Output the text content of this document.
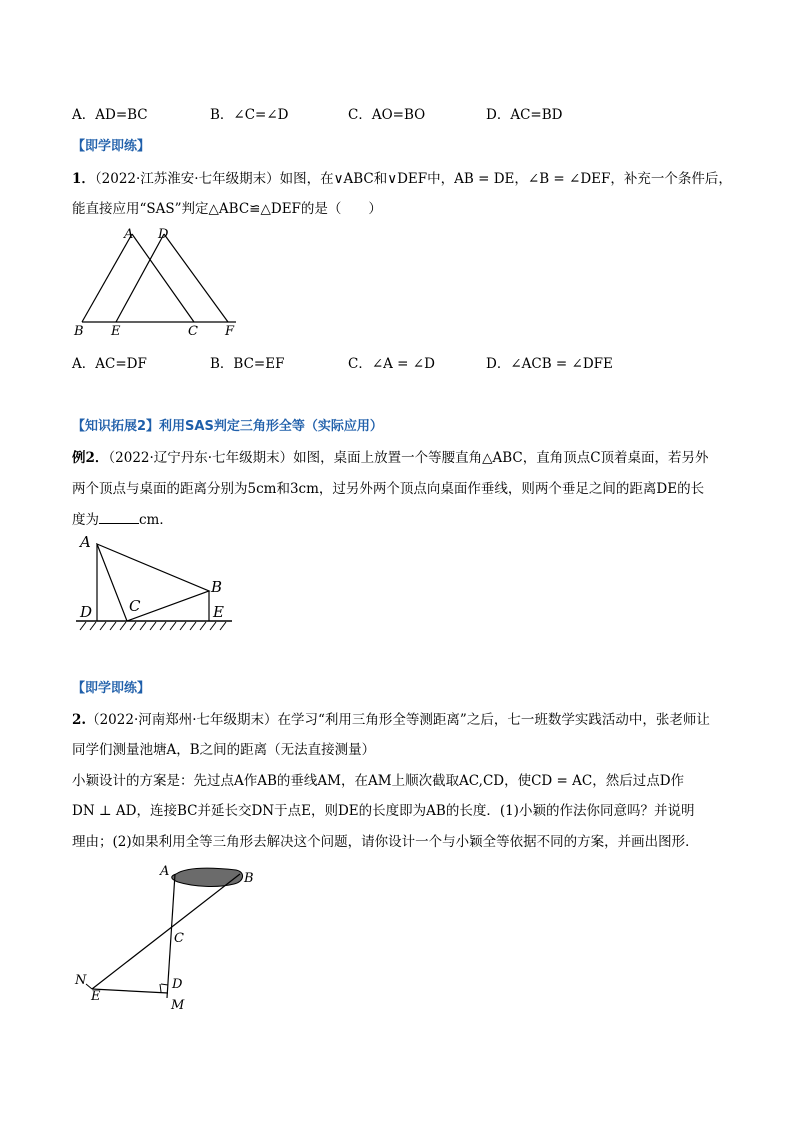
A．AD=BC	B．∠C=∠D	C．AO=BO	D．AC=BD
【即学即练】
1．（2022·江苏淮安·七年级期末）如图，在∨ABC和∨DEF中，AB = DE，∠B = ∠DEF，补充一个条件后，
能直接应用“SAS”判定△ABC≌△DEF的是（　　）
A D
B E	C F
A．AC=DF	B．BC=EF	C．∠A = ∠D	D．∠ACB = ∠DFE
【知识拓展2】利用SAS判定三角形全等（实际应用）
例2．（2022·辽宁丹东·七年级期末）如图，桌面上放置一个等腰直角△ABC，直角顶点C顶着桌面，若另外
两个顶点与桌面的距离分别为5cm和3cm，过另外两个顶点向桌面作垂线，则两个垂足之间的距离DE的长
度为	cm．
A
B
C
D	E
【即学即练】
2.（2022·河南郑州·七年级期末）在学习“利用三角形全等测距离”之后，七一班数学实践活动中，张老师让
同学们测量池塘A，B之间的距离（无法直接测量）
小颖设计的方案是：先过点A作AB的垂线AM，在AM上顺次截取AC,CD，使CD = AC，然后过点D作
DN ⊥ AD，连接BC并延长交DN于点E，则DE的长度即为AB的长度．(1)小颖的作法你同意吗？并说明
理由；(2)如果利用全等三角形去解决这个问题，请你设计一个与小颖全等依据不同的方案，并画出图形．
A	B
C
N
E
D
M
